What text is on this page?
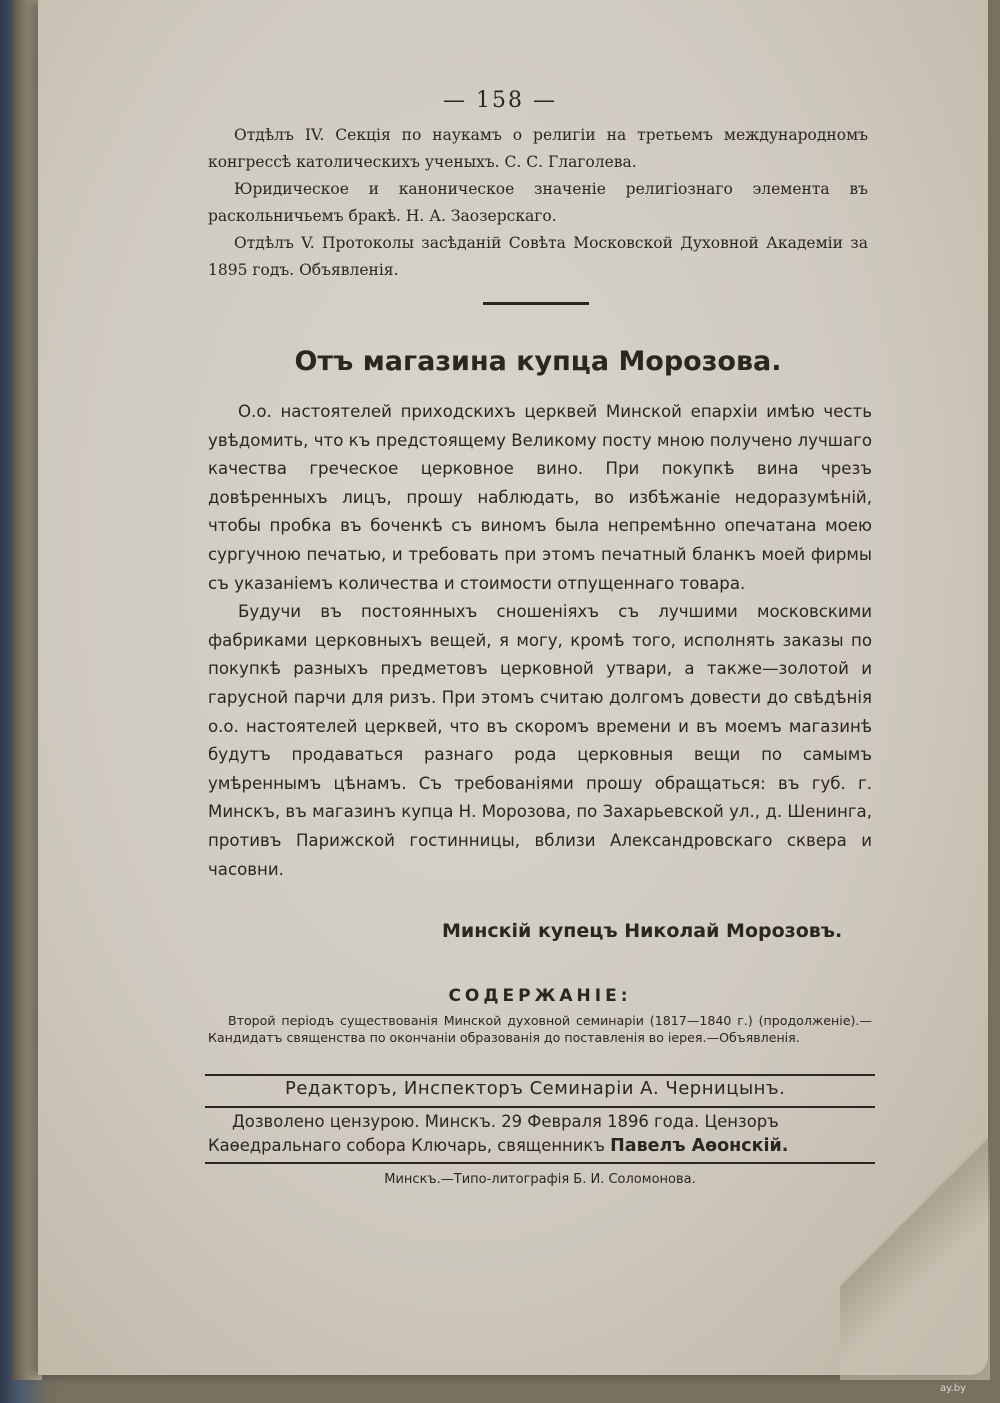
— 158 —

Отдѣлъ IV. Секція по наукамъ о религіи на третьемъ международномъ конгрессѣ католическихъ ученыхъ. С. С. Глаголева.

Юридическое и каноническое значеніе религіознаго элемента въ раскольничьемъ бракѣ. Н. А. Заозерскаго.

Отдѣлъ V. Протоколы засѣданій Совѣта Московской Духовной Академіи за 1895 годъ. Объявленія.

Отъ магазина купца Морозова.

О.о. настоятелей приходскихъ церквей Минской епархіи имѣю честь увѣдомить, что къ предстоящему Великому посту мною получено лучшаго качества греческое церковное вино. При покупкѣ вина чрезъ довѣренныхъ лицъ, прошу наблюдать, во избѣжаніе недоразумѣній, чтобы пробка въ боченкѣ съ виномъ была непремѣнно опечатана моею сургучною печатью, и требовать при этомъ печатный бланкъ моей фирмы съ указаніемъ количества и стоимости отпущеннаго товара.

Будучи въ постоянныхъ сношеніяхъ съ лучшими московскими фабриками церковныхъ вещей, я могу, кромѣ того, исполнять заказы по покупкѣ разныхъ предметовъ церковной утвари, а также—золотой и гарусной парчи для ризъ. При этомъ считаю долгомъ довести до свѣдѣнія о.о. настоятелей церквей, что въ скоромъ времени и въ моемъ магазинѣ будутъ продаваться разнаго рода церковныя вещи по самымъ умѣреннымъ цѣнамъ. Съ требованіями прошу обращаться: въ губ. г. Минскъ, въ магазинъ купца Н. Морозова, по Захарьевской ул., д. Шенинга, противъ Парижской гостинницы, вблизи Александровскаго сквера и часовни.

Минскій купецъ Николай Морозовъ.
СОДЕРЖАНІЕ:

Второй періодъ существованія Минской духовной семинаріи (1817—1840 г.) (продолженіе).—Кандидатъ священства по окончаніи образованія до поставленія во іерея.—Объявленія.

Редакторъ, Инспекторъ Семинаріи А. Черницынъ.
Дозволено цензурою. Минскъ. 29 Февраля 1896 года. Цензоръ
Каѳедральнаго собора Ключарь, священникъ Павелъ Аѳонскій.
Минскъ.—Типо-литографія Б. И. Соломонова.
ay.by
